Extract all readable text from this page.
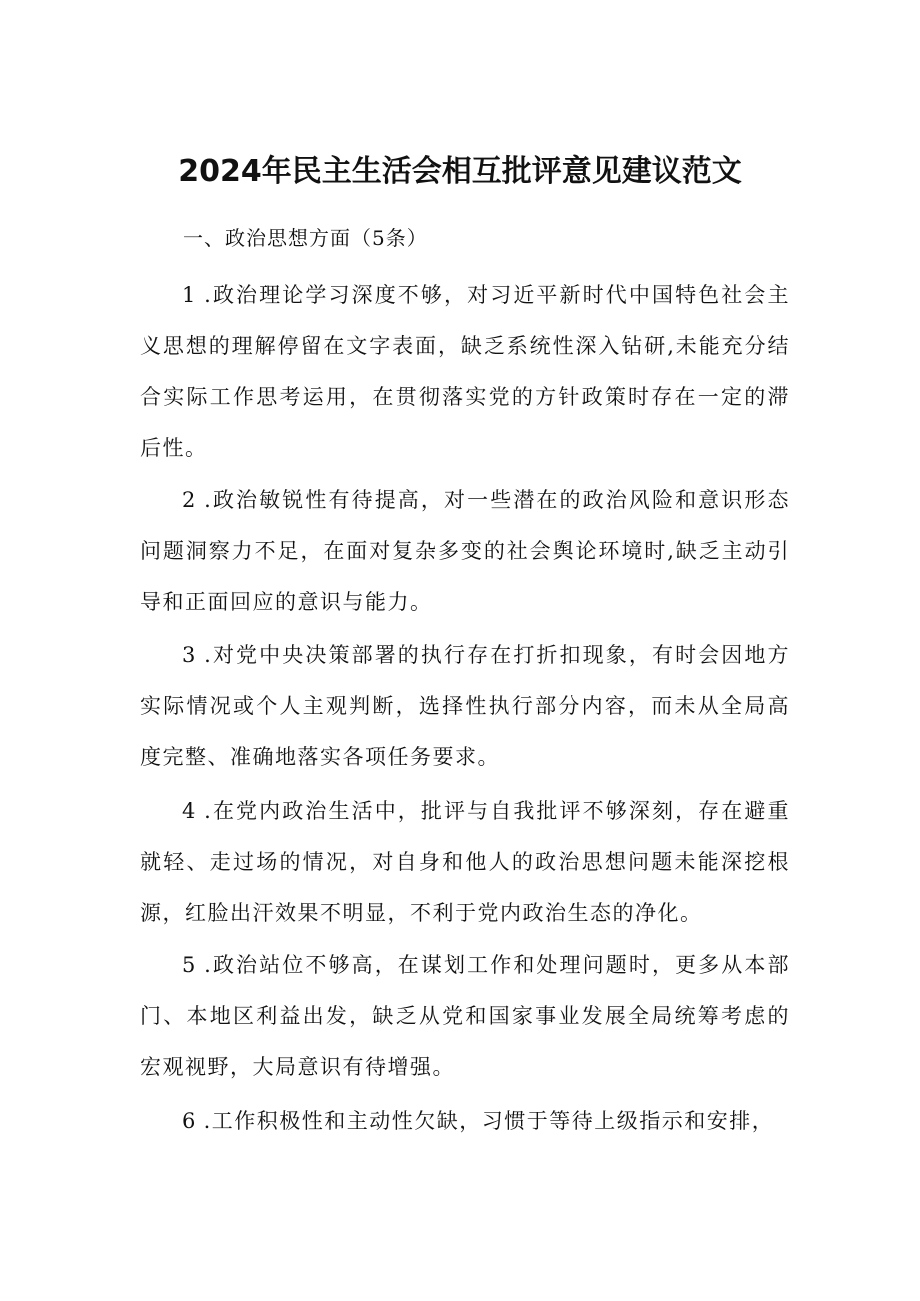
2024年民主生活会相互批评意见建议范文

一、政治思想方面（5条）

1 .政治理论学习深度不够，对习近平新时代中国特色社会主义思想的理解停留在文字表面，缺乏系统性深入钻研,未能充分结合实际工作思考运用，在贯彻落实党的方针政策时存在一定的滞后性。

2 .政治敏锐性有待提高，对一些潜在的政治风险和意识形态问题洞察力不足，在面对复杂多变的社会舆论环境时,缺乏主动引导和正面回应的意识与能力。

3 .对党中央决策部署的执行存在打折扣现象，有时会因地方实际情况或个人主观判断，选择性执行部分内容，而未从全局高度完整、准确地落实各项任务要求。

4 .在党内政治生活中，批评与自我批评不够深刻，存在避重就轻、走过场的情况，对自身和他人的政治思想问题未能深挖根源，红脸出汗效果不明显，不利于党内政治生态的净化。

5 .政治站位不够高，在谋划工作和处理问题时，更多从本部门、本地区利益出发，缺乏从党和国家事业发展全局统筹考虑的宏观视野，大局意识有待增强。

6 .工作积极性和主动性欠缺，习惯于等待上级指示和安排，
